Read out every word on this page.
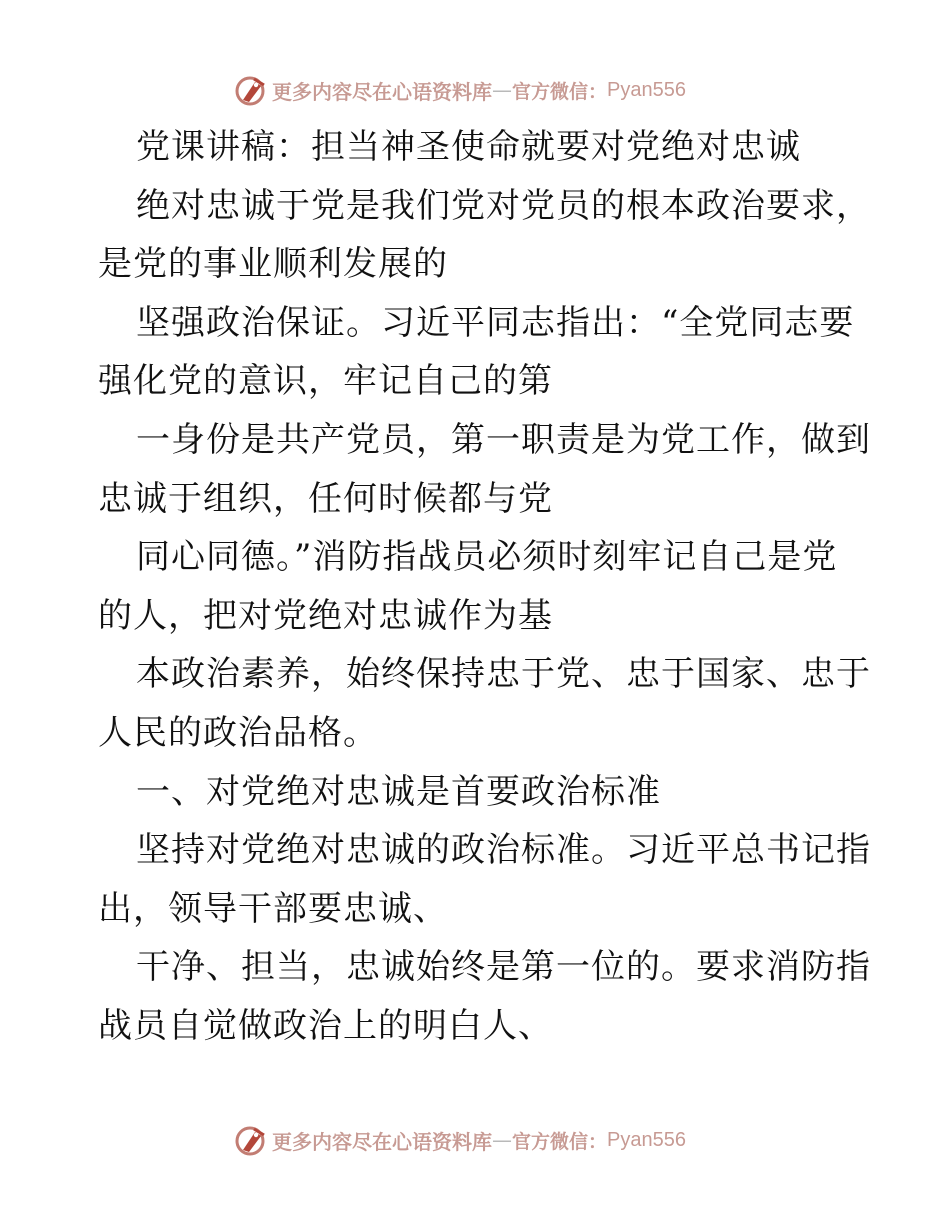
更多内容尽在心语资料库 — 官方微信： Pyan556
党课讲稿：担当神圣使命就要对党绝对忠诚
绝对忠诚于党是我们党对党员的根本政治要求，
是党的事业顺利发展的
坚强政治保证。习近平同志指出：“全党同志要
强化党的意识，牢记自己的第
一身份是共产党员，第一职责是为党工作，做到
忠诚于组织，任何时候都与党
同心同德。”消防指战员必须时刻牢记自己是党
的人，把对党绝对忠诚作为基
本政治素养，始终保持忠于党、忠于国家、忠于
人民的政治品格。
一、对党绝对忠诚是首要政治标准
坚持对党绝对忠诚的政治标准。习近平总书记指
出，领导干部要忠诚、
干净、担当，忠诚始终是第一位的。要求消防指
战员自觉做政治上的明白人、
更多内容尽在心语资料库 — 官方微信： Pyan556
